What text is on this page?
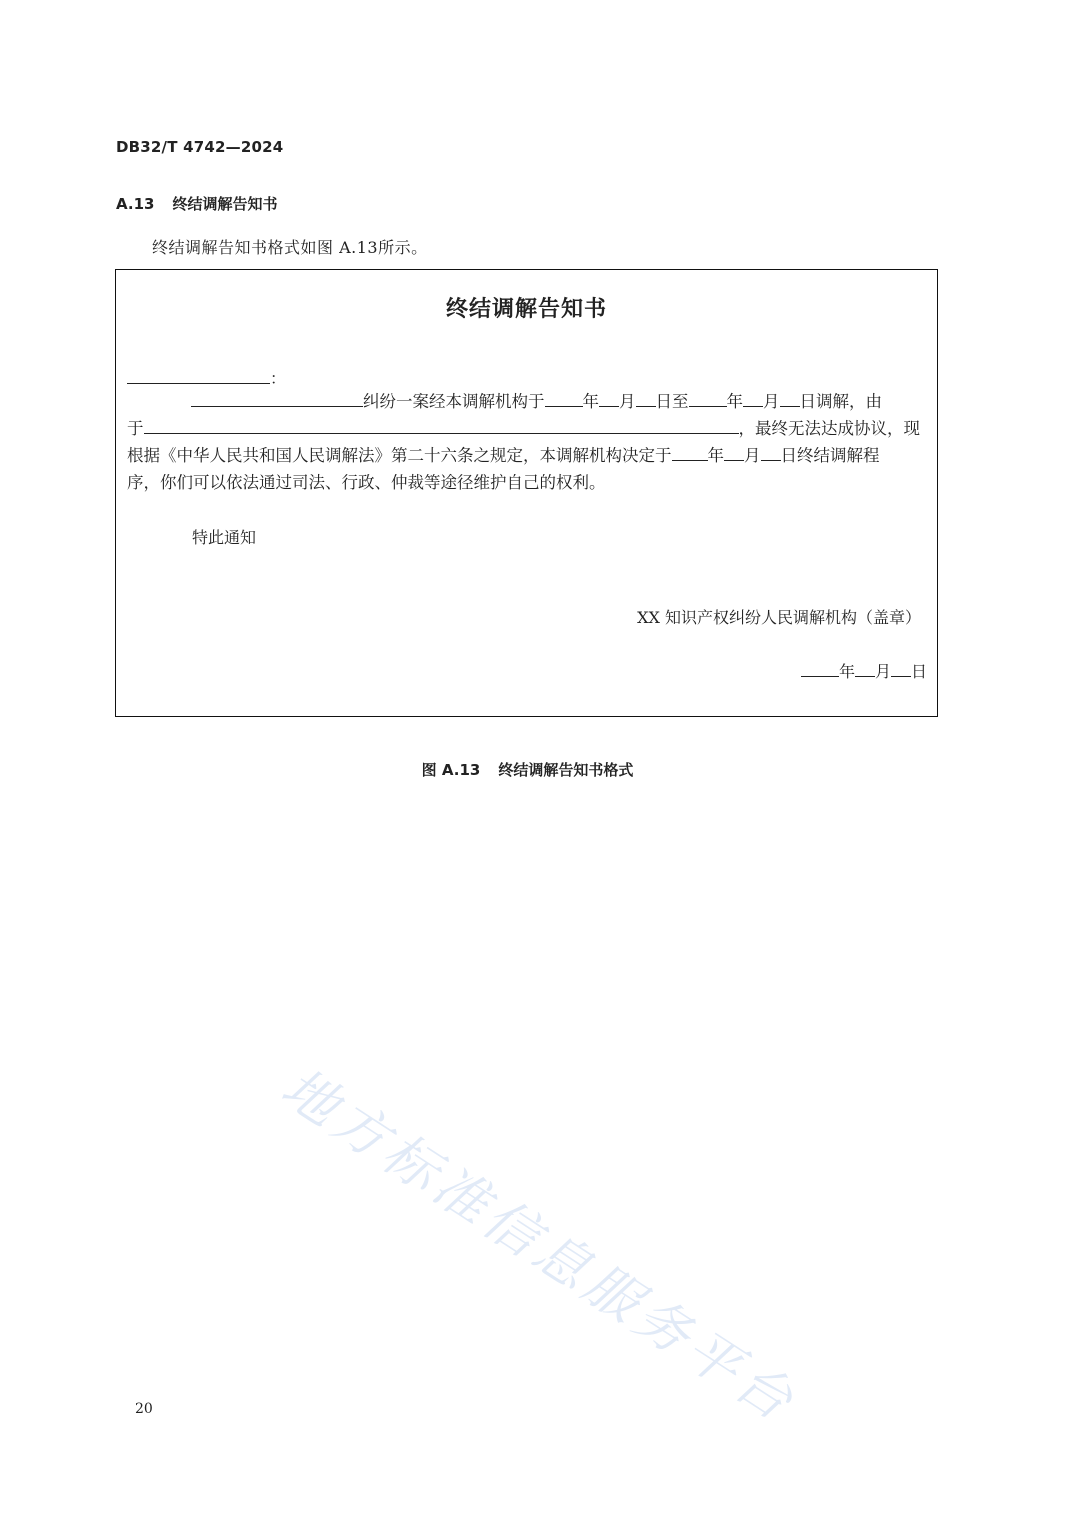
DB32/T 4742—2024
A.13 终结调解告知书
终结调解告知书格式如图 A.13所示。
终结调解告知书
：
纠纷一案经本调解机构于 年 月 日至 年 月 日调解，由
于	，最终无法达成协议，现
根据《中华人民共和国人民调解法》第二十六条之规定，本调解机构决定于 年 月 日终结调解程
序，你们可以依法通过司法、行政、仲裁等途径维护自己的权利。
特此通知
XX 知识产权纠纷人民调解机构（盖章）
年 月 日
图 A.13 终结调解告知书格式
地方标准信息服务平台
20
